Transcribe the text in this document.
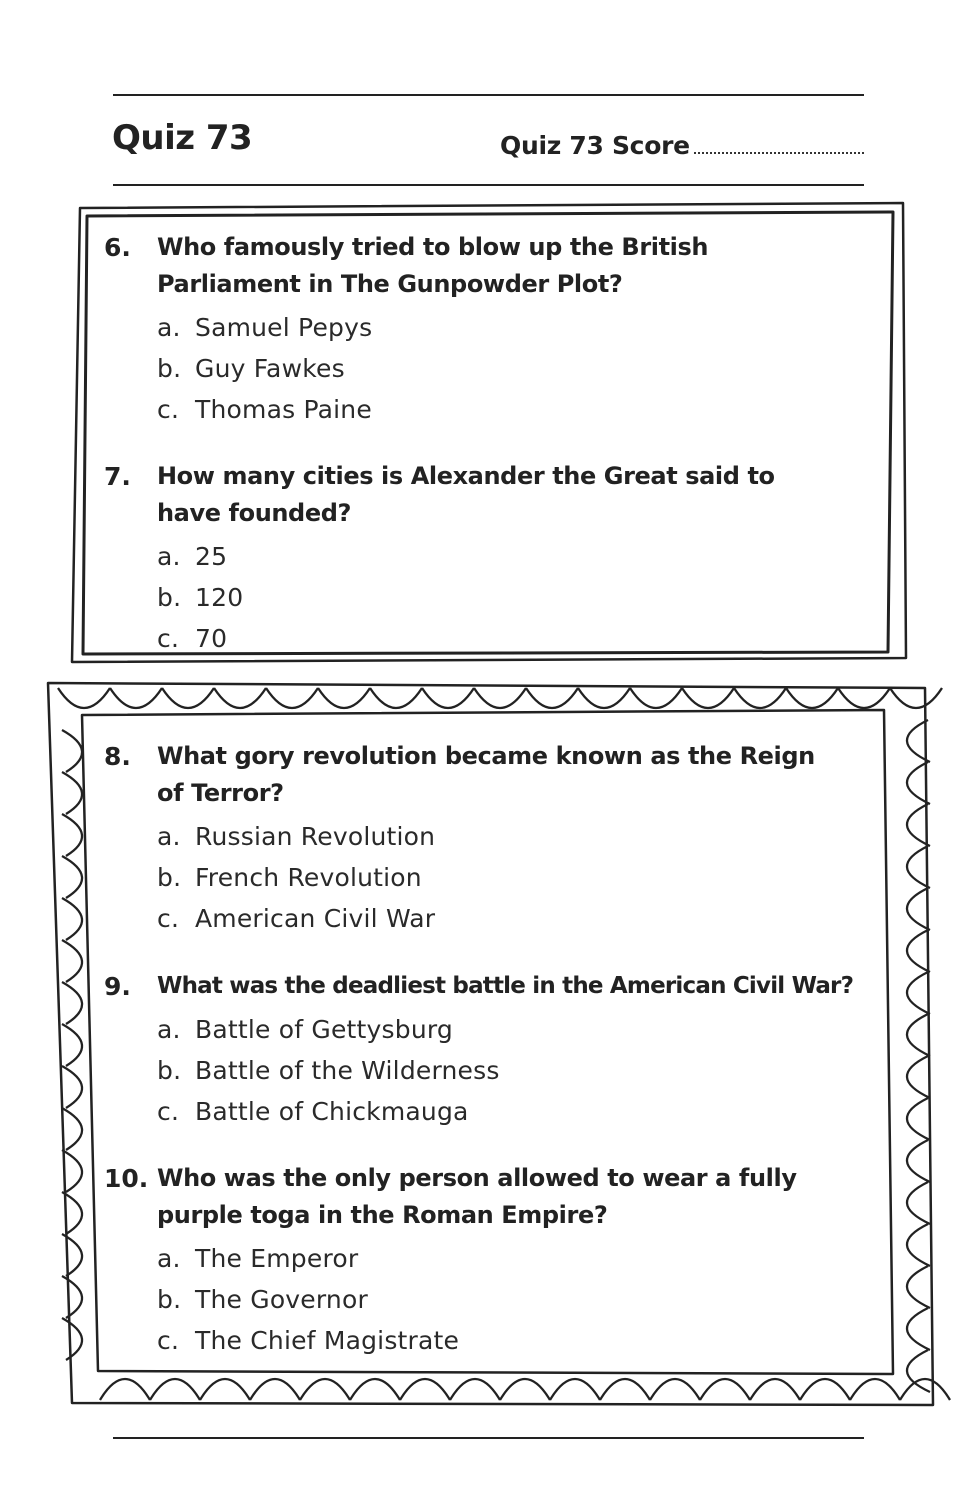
Quiz 73	Quiz 73 Score
6.	Who famously tried to blow up the British Parliament in The Gunpowder Plot?
a. Samuel Pepys
b. Guy Fawkes
c. Thomas Paine
7.	How many cities is Alexander the Great said to have founded?
a. 25
b. 120
c. 70
8.	What gory revolution became known as the Reign of Terror?
a. Russian Revolution
b. French Revolution
c. American Civil War
9.	What was the deadliest battle in the American Civil War?
a. Battle of Gettysburg
b. Battle of the Wilderness
c. Battle of Chickmauga
10. Who was the only person allowed to wear a fully purple toga in the Roman Empire?
a. The Emperor
b. The Governor
c. The Chief Magistrate
